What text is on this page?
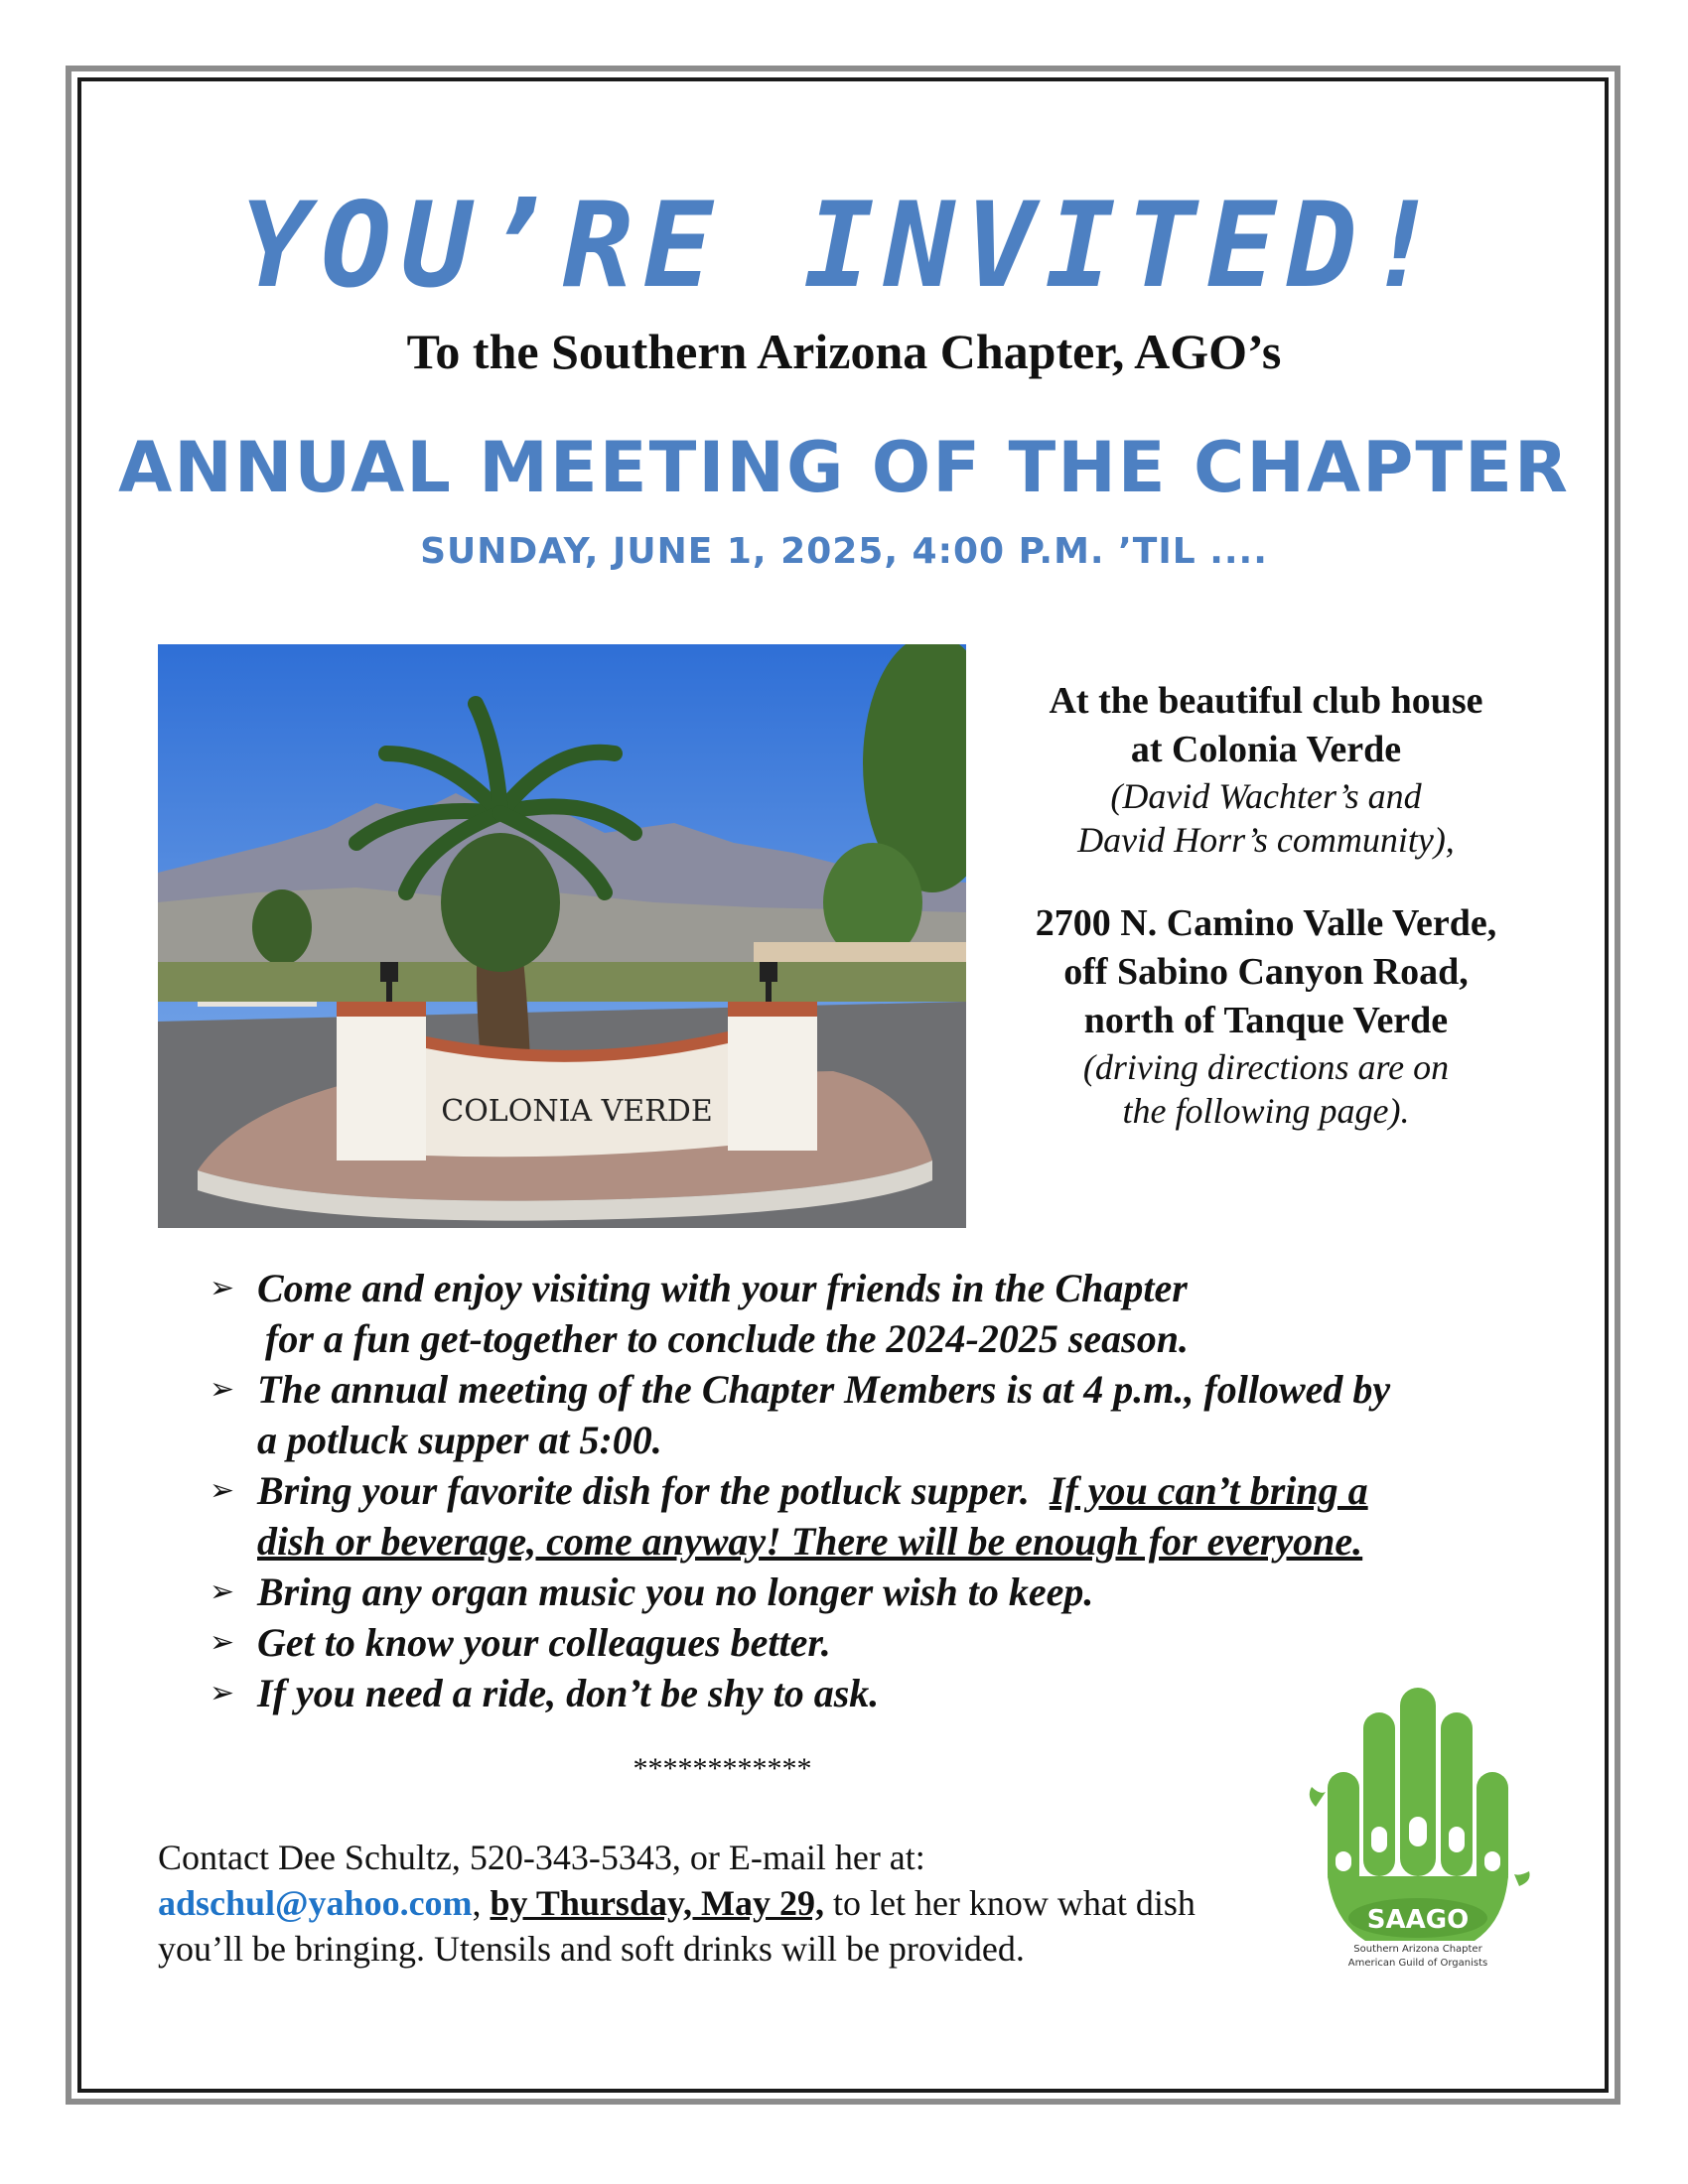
YOU’RE INVITED!
To the Southern Arizona Chapter, AGO’s
ANNUAL MEETING OF THE CHAPTER
SUNDAY, JUNE 1, 2025, 4:00 P.M. ’TIL ....
COLONIA VERDE
At the beautiful club house
at Colonia Verde
(David Wachter’s and
David Horr’s community),
2700 N. Camino Valle Verde,
off Sabino Canyon Road,
north of Tanque Verde
(driving directions are on
the following page).
➢ Come and enjoy visiting with your friends in the Chapter
for a fun get-together to conclude the 2024-2025 season.
➢ The annual meeting of the Chapter Members is at 4 p.m., followed by
a potluck supper at 5:00.
➢ Bring your favorite dish for the potluck supper. If you can’t bring a
dish or beverage, come anyway! There will be enough for everyone.
➢ Bring any organ music you no longer wish to keep.
➢ Get to know your colleagues better.
➢ If you need a ride, don’t be shy to ask.
************
Contact Dee Schultz, 520-343-5343, or E-mail her at:
adschul@yahoo.com, by Thursday, May 29, to let her know what dish
you’ll be bringing. Utensils and soft drinks will be provided.
SAAGO
Southern Arizona Chapter
American Guild of Organists
